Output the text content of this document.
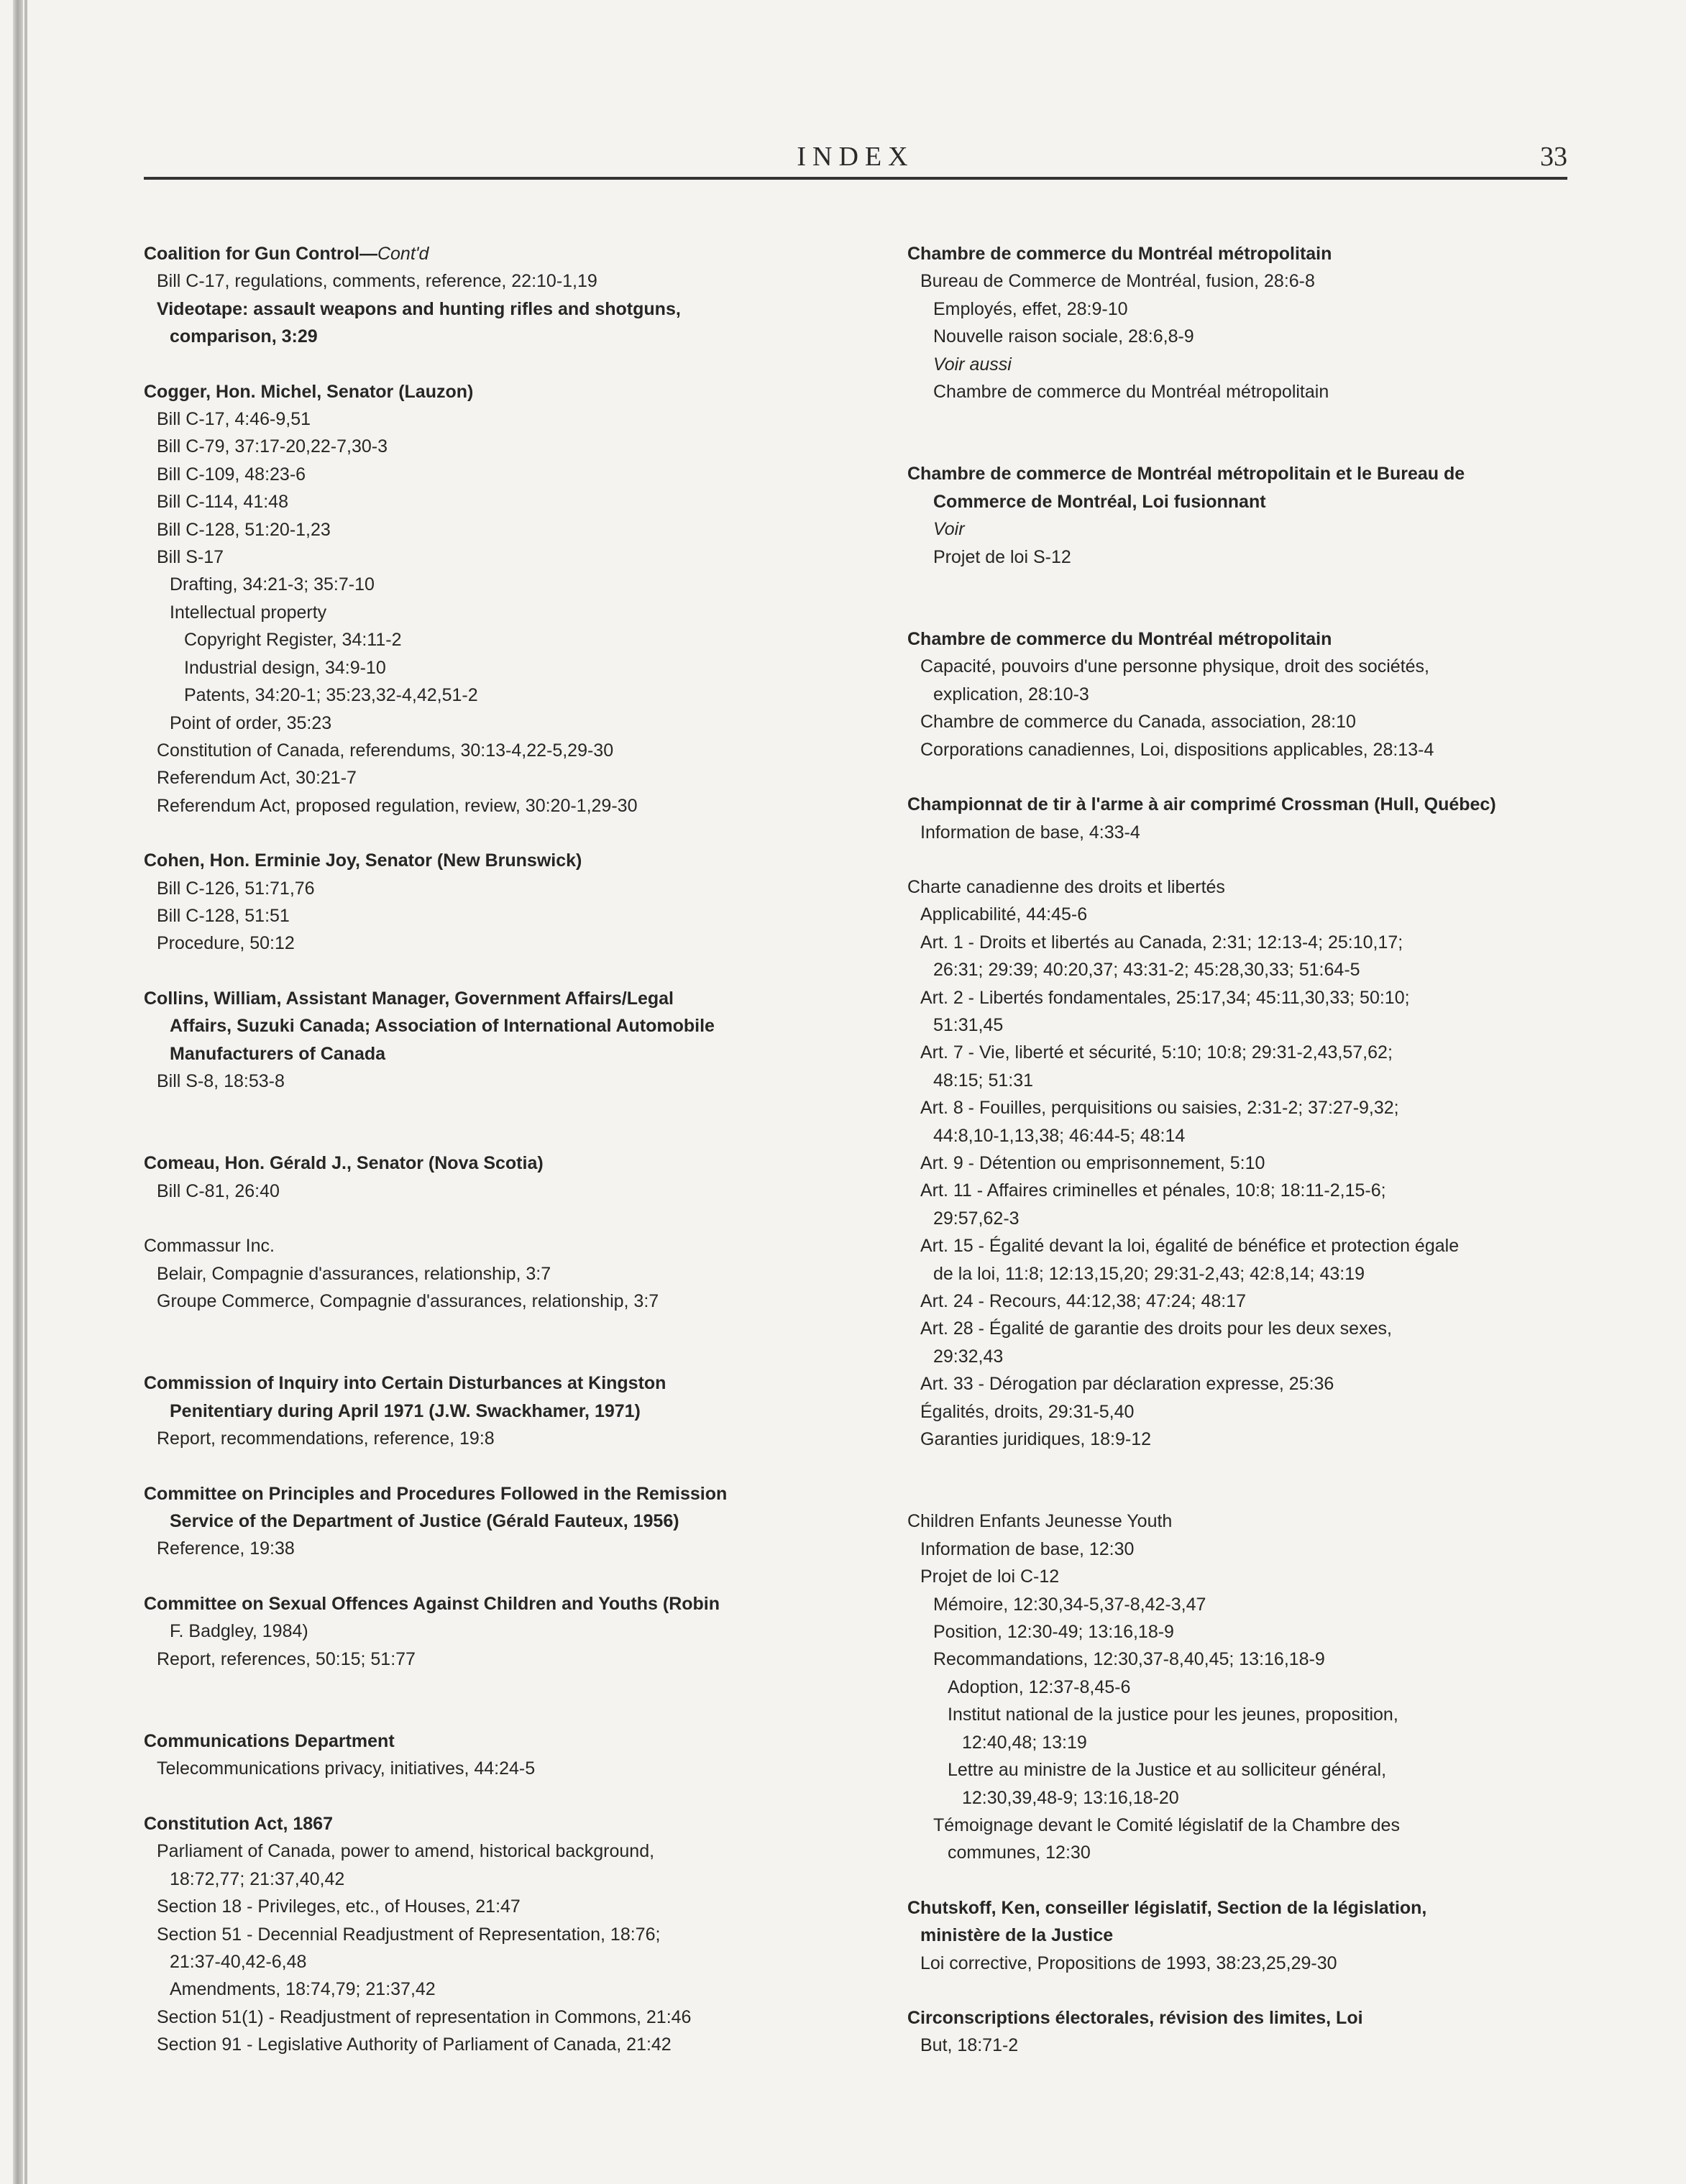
INDEX	33
Coalition for Gun Control—Cont'd
Bill C-17, regulations, comments, reference, 22:10-1,19
Videotape: assault weapons and hunting rifles and shotguns,
comparison, 3:29
Cogger, Hon. Michel, Senator (Lauzon)
Bill C-17, 4:46-9,51
Bill C-79, 37:17-20,22-7,30-3
Bill C-109, 48:23-6
Bill C-114, 41:48
Bill C-128, 51:20-1,23
Bill S-17
Drafting, 34:21-3; 35:7-10
Intellectual property
Copyright Register, 34:11-2
Industrial design, 34:9-10
Patents, 34:20-1; 35:23,32-4,42,51-2
Point of order, 35:23
Constitution of Canada, referendums, 30:13-4,22-5,29-30
Referendum Act, 30:21-7
Referendum Act, proposed regulation, review, 30:20-1,29-30
Cohen, Hon. Erminie Joy, Senator (New Brunswick)
Bill C-126, 51:71,76
Bill C-128, 51:51
Procedure, 50:12
Collins, William, Assistant Manager, Government Affairs/Legal
Affairs, Suzuki Canada; Association of International Automobile
Manufacturers of Canada
Bill S-8, 18:53-8
Comeau, Hon. Gérald J., Senator (Nova Scotia)
Bill C-81, 26:40
Commassur Inc.
Belair, Compagnie d'assurances, relationship, 3:7
Groupe Commerce, Compagnie d'assurances, relationship, 3:7
Commission of Inquiry into Certain Disturbances at Kingston
Penitentiary during April 1971 (J.W. Swackhamer, 1971)
Report, recommendations, reference, 19:8
Committee on Principles and Procedures Followed in the Remission
Service of the Department of Justice (Gérald Fauteux, 1956)
Reference, 19:38
Committee on Sexual Offences Against Children and Youths (Robin
F. Badgley, 1984)
Report, references, 50:15; 51:77
Communications Department
Telecommunications privacy, initiatives, 44:24-5
Constitution Act, 1867
Parliament of Canada, power to amend, historical background,
18:72,77; 21:37,40,42
Section 18 - Privileges, etc., of Houses, 21:47
Section 51 - Decennial Readjustment of Representation, 18:76;
21:37-40,42-6,48
Amendments, 18:74,79; 21:37,42
Section 51(1) - Readjustment of representation in Commons, 21:46
Section 91 - Legislative Authority of Parliament of Canada, 21:42
Chambre de commerce du Montréal métropolitain
Bureau de Commerce de Montréal, fusion, 28:6-8
Employés, effet, 28:9-10
Nouvelle raison sociale, 28:6,8-9
Voir aussi
Chambre de commerce du Montréal métropolitain
Chambre de commerce de Montréal métropolitain et le Bureau de
Commerce de Montréal, Loi fusionnant
Voir
Projet de loi S-12
Chambre de commerce du Montréal métropolitain
Capacité, pouvoirs d'une personne physique, droit des sociétés,
explication, 28:10-3
Chambre de commerce du Canada, association, 28:10
Corporations canadiennes, Loi, dispositions applicables, 28:13-4
Championnat de tir à l'arme à air comprimé Crossman (Hull, Québec)
Information de base, 4:33-4
Charte canadienne des droits et libertés
Applicabilité, 44:45-6
Art. 1 - Droits et libertés au Canada, 2:31; 12:13-4; 25:10,17;
26:31; 29:39; 40:20,37; 43:31-2; 45:28,30,33; 51:64-5
Art. 2 - Libertés fondamentales, 25:17,34; 45:11,30,33; 50:10;
51:31,45
Art. 7 - Vie, liberté et sécurité, 5:10; 10:8; 29:31-2,43,57,62;
48:15; 51:31
Art. 8 - Fouilles, perquisitions ou saisies, 2:31-2; 37:27-9,32;
44:8,10-1,13,38; 46:44-5; 48:14
Art. 9 - Détention ou emprisonnement, 5:10
Art. 11 - Affaires criminelles et pénales, 10:8; 18:11-2,15-6;
29:57,62-3
Art. 15 - Égalité devant la loi, égalité de bénéfice et protection égale
de la loi, 11:8; 12:13,15,20; 29:31-2,43; 42:8,14; 43:19
Art. 24 - Recours, 44:12,38; 47:24; 48:17
Art. 28 - Égalité de garantie des droits pour les deux sexes,
29:32,43
Art. 33 - Dérogation par déclaration expresse, 25:36
Égalités, droits, 29:31-5,40
Garanties juridiques, 18:9-12
Children Enfants Jeunesse Youth
Information de base, 12:30
Projet de loi C-12
Mémoire, 12:30,34-5,37-8,42-3,47
Position, 12:30-49; 13:16,18-9
Recommandations, 12:30,37-8,40,45; 13:16,18-9
Adoption, 12:37-8,45-6
Institut national de la justice pour les jeunes, proposition,
12:40,48; 13:19
Lettre au ministre de la Justice et au solliciteur général,
12:30,39,48-9; 13:16,18-20
Témoignage devant le Comité législatif de la Chambre des
communes, 12:30
Chutskoff, Ken, conseiller législatif, Section de la législation,
ministère de la Justice
Loi corrective, Propositions de 1993, 38:23,25,29-30
Circonscriptions électorales, révision des limites, Loi
But, 18:71-2
